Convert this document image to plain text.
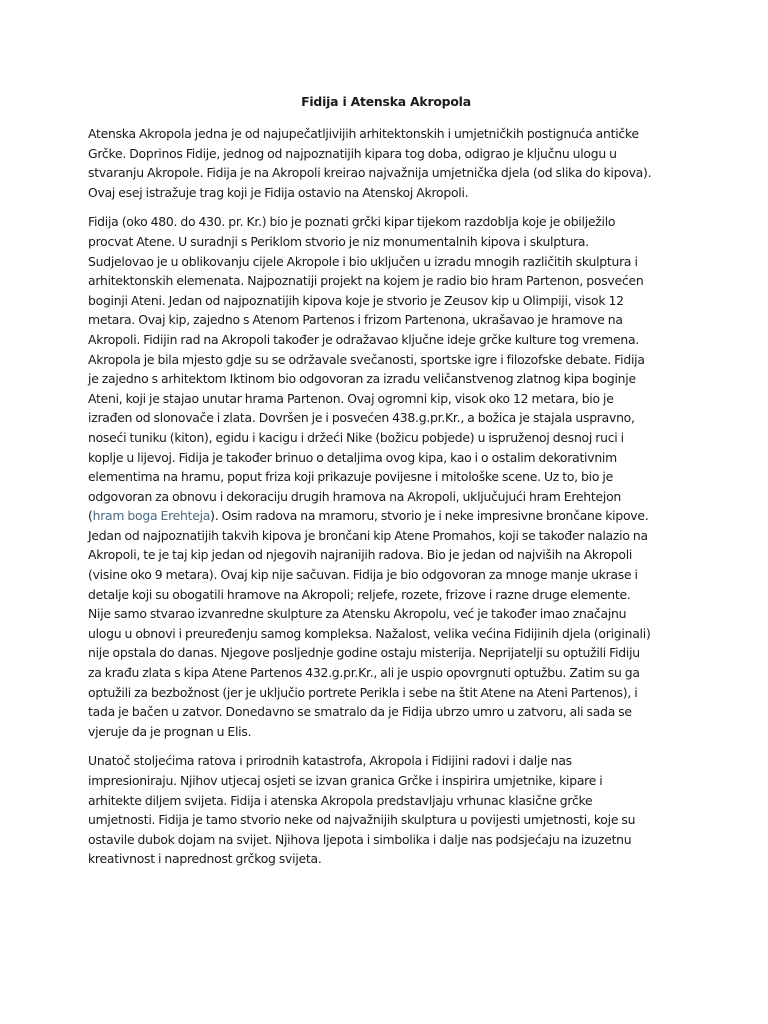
Fidija i Atenska Akropola
Atenska Akropola jedna je od najupečatljivijih arhitektonskih i umjetničkih postignuća antičke
Grčke. Doprinos Fidije, jednog od najpoznatijih kipara tog doba, odigrao je ključnu ulogu u
stvaranju Akropole. Fidija je na Akropoli kreirao najvažnija umjetnička djela (od slika do kipova).
Ovaj esej istražuje trag koji je Fidija ostavio na Atenskoj Akropoli.
Fidija (oko 480. do 430. pr. Kr.) bio je poznati grčki kipar tijekom razdoblja koje je obilježilo
procvat Atene. U suradnji s Periklom stvorio je niz monumentalnih kipova i skulptura.
Sudjelovao je u oblikovanju cijele Akropole i bio uključen u izradu mnogih različitih skulptura i
arhitektonskih elemenata. Najpoznatiji projekt na kojem je radio bio hram Partenon, posvećen
boginji Ateni. Jedan od najpoznatijih kipova koje je stvorio je Zeusov kip u Olimpiji, visok 12
metara. Ovaj kip, zajedno s Atenom Partenos i frizom Partenona, ukrašavao je hramove na
Akropoli. Fidijin rad na Akropoli također je odražavao ključne ideje grčke kulture tog vremena.
Akropola je bila mjesto gdje su se održavale svečanosti, sportske igre i filozofske debate. Fidija
je zajedno s arhitektom Iktinom bio odgovoran za izradu veličanstvenog zlatnog kipa boginje
Ateni, koji je stajao unutar hrama Partenon. Ovaj ogromni kip, visok oko 12 metara, bio je
izrađen od slonovače i zlata. Dovršen je i posvećen 438.g.pr.Kr., a božica je stajala uspravno,
noseći tuniku (kiton), egidu i kacigu i držeći Nike (božicu pobjede) u ispruženoj desnoj ruci i
koplje u lijevoj. Fidija je također brinuo o detaljima ovog kipa, kao i o ostalim dekorativnim
elementima na hramu, poput friza koji prikazuje povijesne i mitološke scene. Uz to, bio je
odgovoran za obnovu i dekoraciju drugih hramova na Akropoli, uključujući hram Erehtejon
(hram boga Erehteja). Osim radova na mramoru, stvorio je i neke impresivne brončane kipove.
Jedan od najpoznatijih takvih kipova je brončani kip Atene Promahos, koji se također nalazio na
Akropoli, te je taj kip jedan od njegovih najranijih radova. Bio je jedan od najviših na Akropoli
(visine oko 9 metara). Ovaj kip nije sačuvan. Fidija je bio odgovoran za mnoge manje ukrase i
detalje koji su obogatili hramove na Akropoli; reljefe, rozete, frizove i razne druge elemente.
Nije samo stvarao izvanredne skulpture za Atensku Akropolu, već je također imao značajnu
ulogu u obnovi i preuređenju samog kompleksa. Nažalost, velika većina Fidijinih djela (originali)
nije opstala do danas. Njegove posljednje godine ostaju misterija. Neprijatelji su optužili Fidiju
za krađu zlata s kipa Atene Partenos 432.g.pr.Kr., ali je uspio opovrgnuti optužbu. Zatim su ga
optužili za bezbožnost (jer je uključio portrete Perikla i sebe na štit Atene na Ateni Partenos), i
tada je bačen u zatvor. Donedavno se smatralo da je Fidija ubrzo umro u zatvoru, ali sada se
vjeruje da je prognan u Elis.
Unatoč stoljećima ratova i prirodnih katastrofa, Akropola i Fidijini radovi i dalje nas
impresioniraju. Njihov utjecaj osjeti se izvan granica Grčke i inspirira umjetnike, kipare i
arhitekte diljem svijeta. Fidija i atenska Akropola predstavljaju vrhunac klasične grčke
umjetnosti. Fidija je tamo stvorio neke od najvažnijih skulptura u povijesti umjetnosti, koje su
ostavile dubok dojam na svijet. Njihova ljepota i simbolika i dalje nas podsjećaju na izuzetnu
kreativnost i naprednost grčkog svijeta.
